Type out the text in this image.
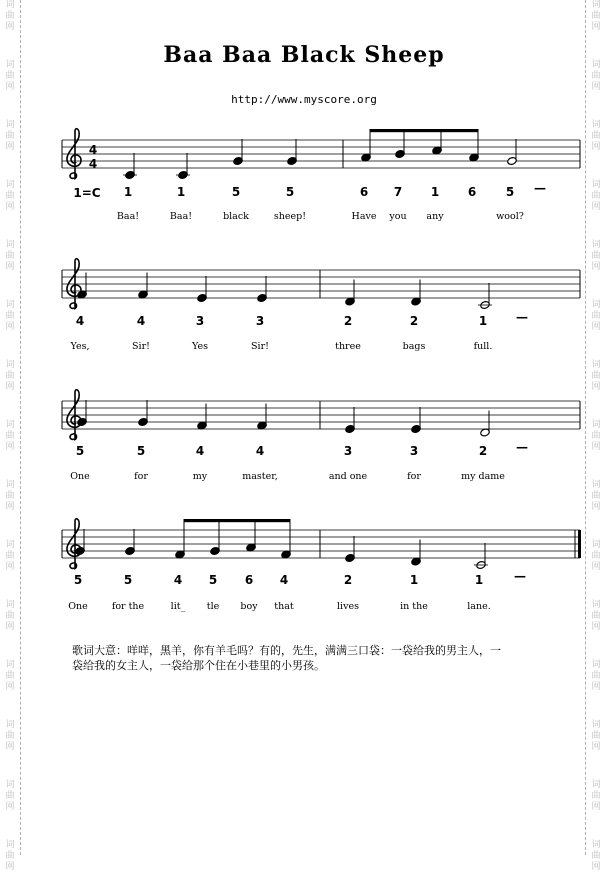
词
曲
网
词
曲
网
词
曲
网
词
曲
网
词
曲
网
词
曲
网
词
曲
网
词
曲
网
词
曲
网
词
曲
网
词
曲
网
词
曲
网
词
曲
网
词
曲
网
词
曲
网
词
曲
网
词
曲
网
词
曲
网
词
曲
网
词
曲
网
词
曲
网
词
曲
网
词
曲
网
词
曲
网
词
曲
网
词
曲
网
词
曲
网
词
曲
网
词
曲
网
词
曲
网
Baa Baa Black Sheep
http://www.myscore.org
4
4
1=C 1
Baa!
1
Baa!
5
black
5
sheep!
6
Have
7
you
1
any
6 5
wool?
—
4
Yes,
4
Sir!
3
Yes
3
Sir!
2
three
2
bags
1
full.
—
5
One
5
for
4
my
4
master,
3
and one
3
for
2
my dame
—
5
One
5
for the
4
lit_
5
tle
6
boy
4
that
2
lives
1
in the
1
lane.
—
歌词大意：咩咩，黑羊，你有羊毛吗？有的，先生，满满三口袋：一袋给我的男主人，一
袋给我的女主人，一袋给那个住在小巷里的小男孩。
